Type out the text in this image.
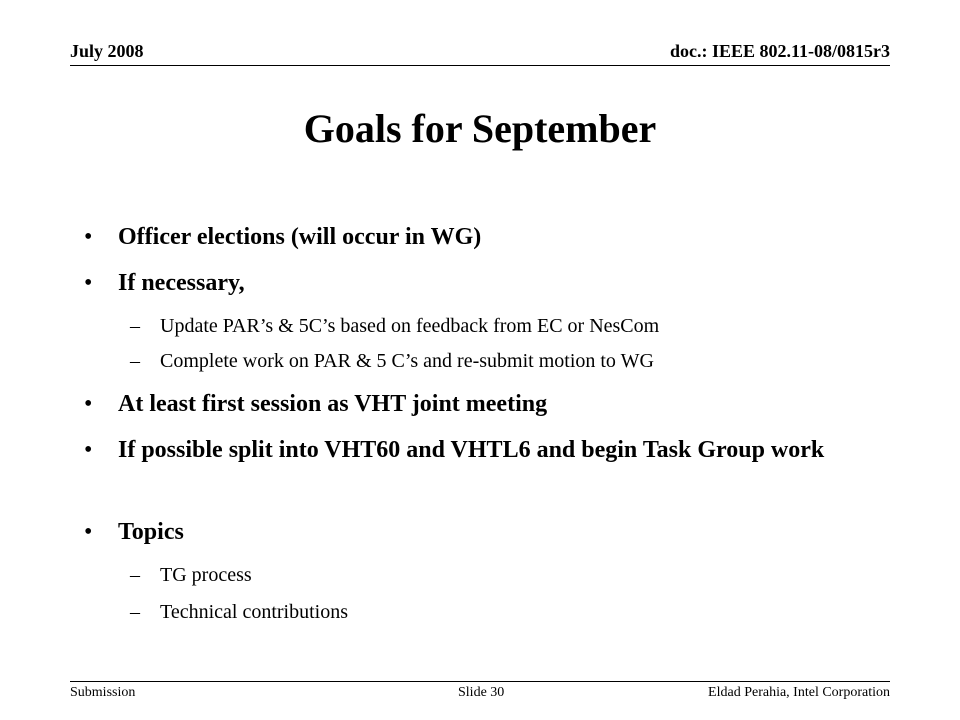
July 2008	doc.: IEEE 802.11-08/0815r3
Goals for September
• Officer elections (will occur in WG)
• If necessary,
– Update PAR’s & 5C’s based on feedback from EC or NesCom
– Complete work on PAR & 5 C’s and re-submit motion to WG
• At least first session as VHT joint meeting
• If possible split into VHT60 and VHTL6 and begin Task Group work
• Topics
– TG process
– Technical contributions
Submission	Slide 30	Eldad Perahia, Intel Corporation
